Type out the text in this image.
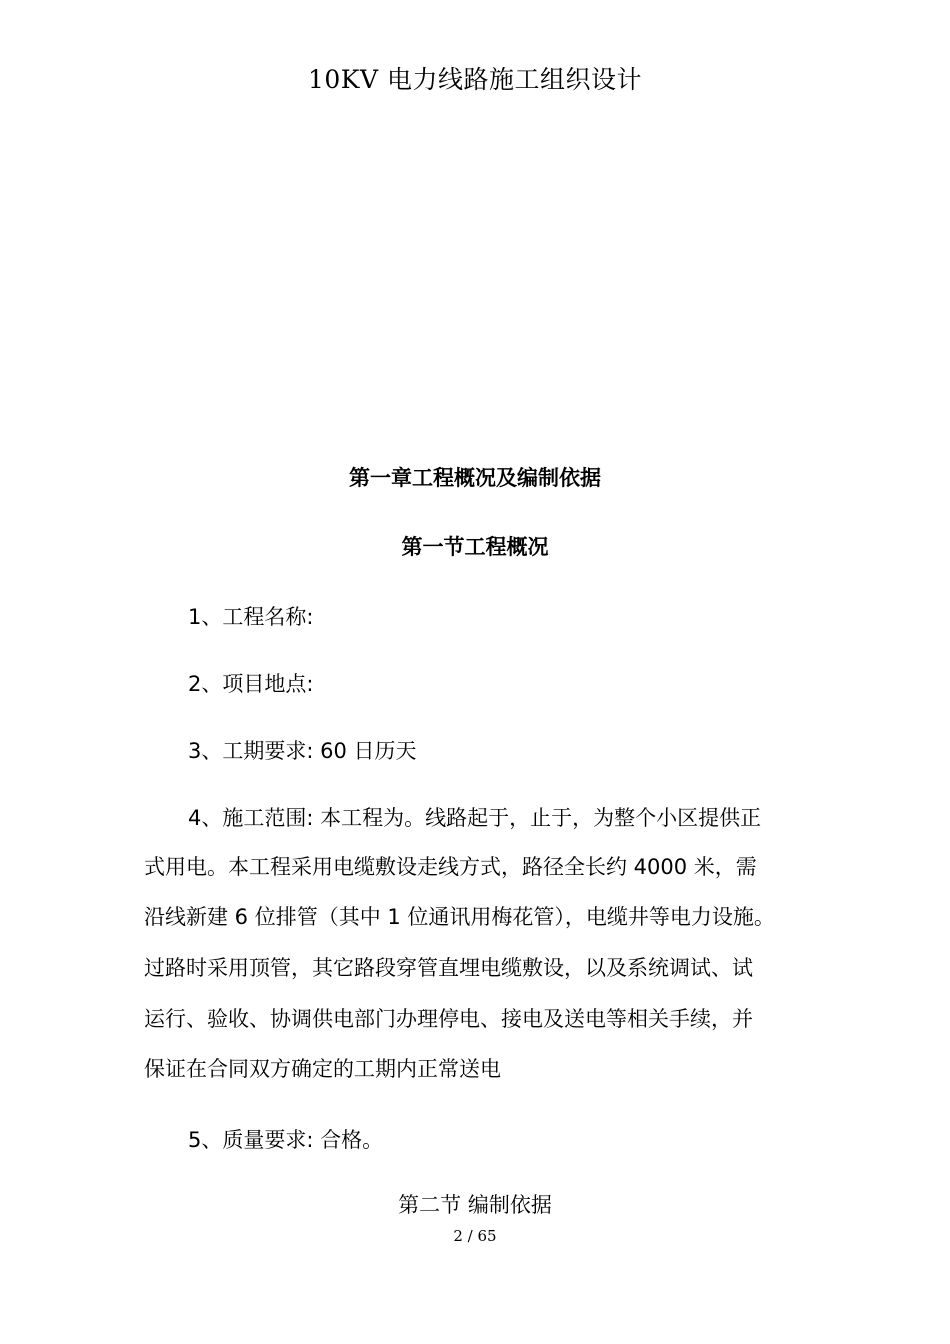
10KV 电力线路施工组织设计
第一章工程概况及编制依据
第一节工程概况
1、工程名称:
2、项目地点:
3、工期要求: 60 日历天
4、施工范围: 本工程为。线路起于，止于，为整个小区提供正
式用电。本工程采用电缆敷设走线方式，路径全长约 4000 米，需
沿线新建 6 位排管（其中 1 位通讯用梅花管），电缆井等电力设施。
过路时采用顶管，其它路段穿管直埋电缆敷设，以及系统调试、试
运行、验收、协调供电部门办理停电、接电及送电等相关手续，并
保证在合同双方确定的工期内正常送电
5、质量要求: 合格。
第二节 编制依据
2 / 65
